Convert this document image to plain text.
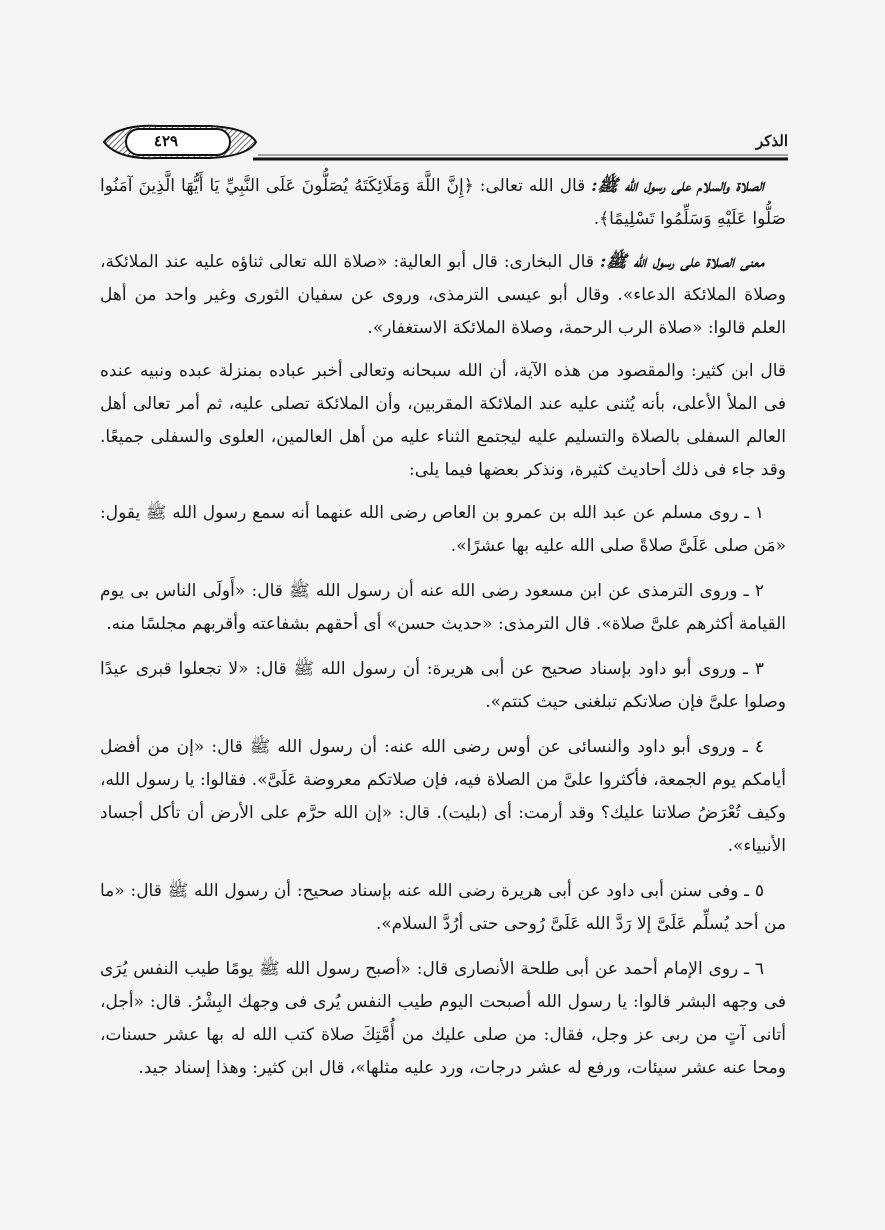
٤٢٩	الذكر

الصلاة والسلام على رسول الله ﷺ: قال الله تعالى: ﴿إِنَّ اللَّهَ وَمَلَائِكَتَهُ يُصَلُّونَ عَلَى النَّبِيِّ يَا أَيُّهَا الَّذِينَ آمَنُوا صَلُّوا عَلَيْهِ وَسَلِّمُوا تَسْلِيمًا﴾.

معنى الصلاة على رسول الله ﷺ: قال البخارى: قال أبو العالية: «صلاة الله تعالى ثناؤه عليه عند الملائكة، وصلاة الملائكة الدعاء». وقال أبو عيسى الترمذى، وروى عن سفيان الثورى وغير واحد من أهل العلم قالوا: «صلاة الرب الرحمة، وصلاة الملائكة الاستغفار».

قال ابن كثير: والمقصود من هذه الآية، أن الله سبحانه وتعالى أخبر عباده بمنزلة عبده ونبيه عنده فى الملأ الأعلى، بأنه يُثنى عليه عند الملائكة المقربين، وأن الملائكة تصلى عليه، ثم أمر تعالى أهل العالم السفلى بالصلاة والتسليم عليه ليجتمع الثناء عليه من أهل العالمين، العلوى والسفلى جميعًا. وقد جاء فى ذلك أحاديث كثيرة، ونذكر بعضها فيما يلى:

١ ـ روى مسلم عن عبد الله بن عمرو بن العاص رضى الله عنهما أنه سمع رسول الله ﷺ يقول: «مَن صلى عَلَىَّ صلاةً صلى الله عليه بها عشرًا».

٢ ـ وروى الترمذى عن ابن مسعود رضى الله عنه أن رسول الله ﷺ قال: «أَولَى الناس بى يوم القيامة أكثرهم علىَّ صلاة». قال الترمذى: «حديث حسن» أى أحقهم بشفاعته وأقربهم مجلسًا منه.

٣ ـ وروى أبو داود بإسناد صحيح عن أبى هريرة: أن رسول الله ﷺ قال: «لا تجعلوا قبرى عيدًا وصلوا علىَّ فإن صلاتكم تبلغنى حيث كنتم».

٤ ـ وروى أبو داود والنسائى عن أوس رضى الله عنه: أن رسول الله ﷺ قال: «إن من أفضل أيامكم يوم الجمعة، فأكثروا علىَّ من الصلاة فيه، فإن صلاتكم معروضة عَلَىَّ». فقالوا: يا رسول الله، وكيف تُعْرَضُ صلاتنا عليك؟ وقد أرمت: أى (بليت). قال: «إن الله حرَّم على الأرض أن تأكل أجساد الأنبياء».

٥ ـ وفى سنن أبى داود عن أبى هريرة رضى الله عنه بإسناد صحيح: أن رسول الله ﷺ قال: «ما من أحد يُسلِّم عَلَىَّ إلا رَدَّ الله عَلَىَّ رُوحى حتى أرُدَّ السلام».

٦ ـ روى الإمام أحمد عن أبى طلحة الأنصارى قال: «أصبح رسول الله ﷺ يومًا طيب النفس يُرَى فى وجهه البشر قالوا: يا رسول الله أصبحت اليوم طيب النفس يُرى فى وجهك البِشْرُ. قال: «أجل، أتانى آتٍ من ربى عز وجل، فقال: من صلى عليك من أُمَّتِكَ صلاة كتب الله له بها عشر حسنات، ومحا عنه عشر سيئات، ورفع له عشر درجات، ورد عليه مثلها»، قال ابن كثير: وهذا إسناد جيد.
